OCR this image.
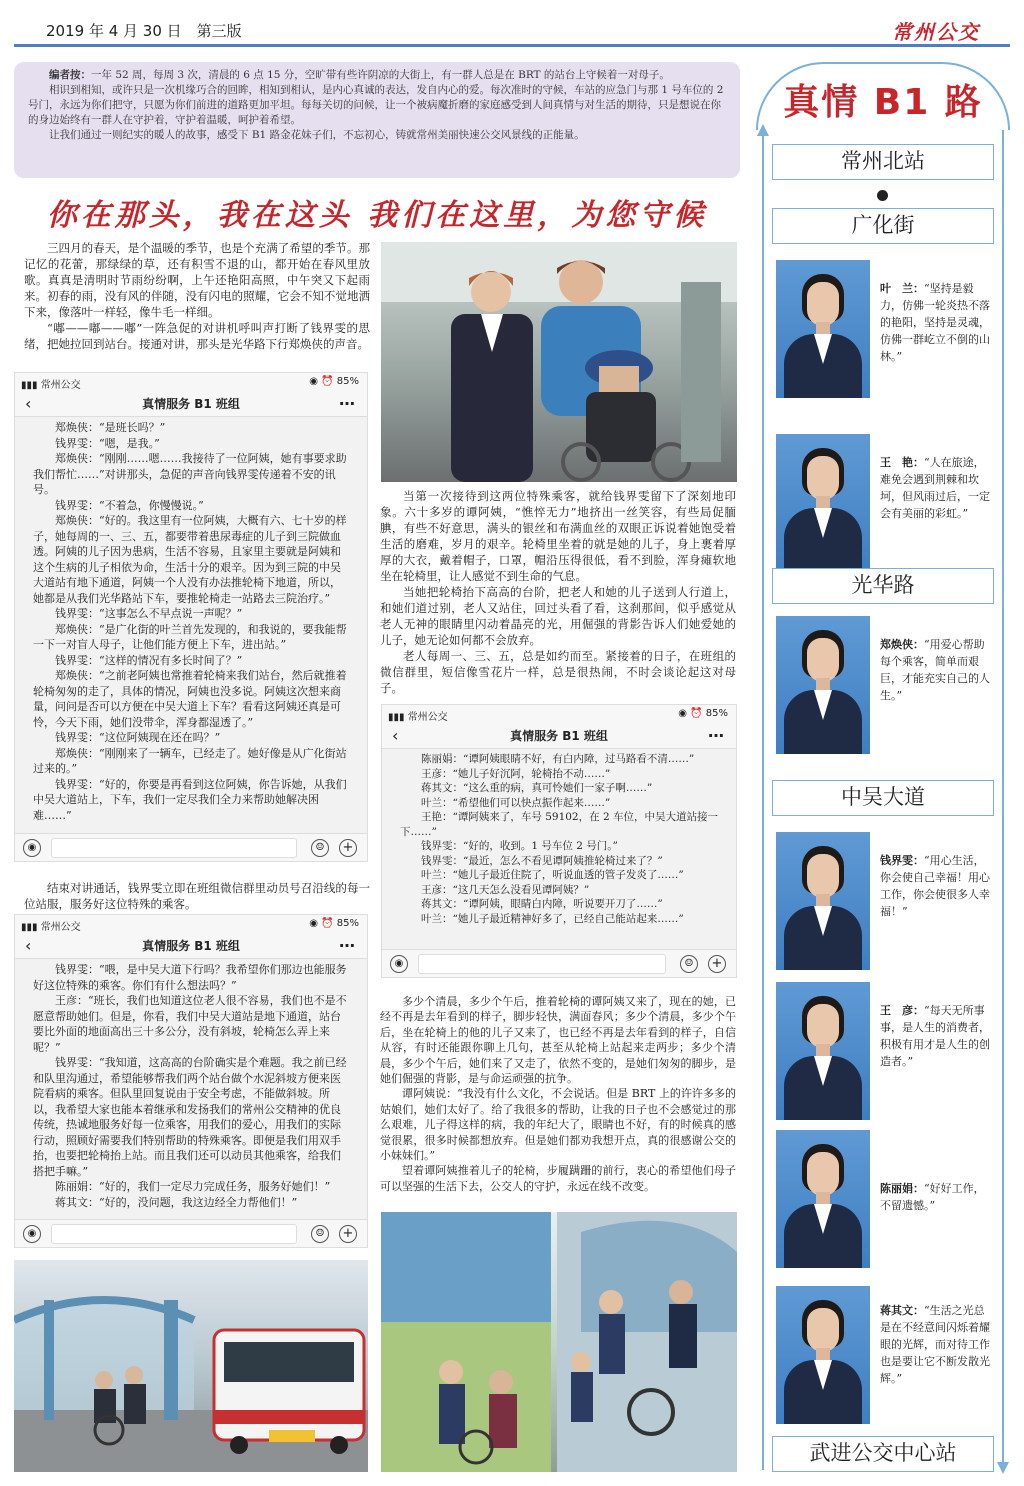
2019 年 4 月 30 日　第三版	常州公交

编者按：一年 52 周，每周 3 次，清晨的 6 点 15 分，空旷带有些许阴凉的大街上，有一群人总是在 BRT 的站台上守候着一对母子。

相识到相知，或许只是一次机缘巧合的回眸，相知到相认，是内心真诚的表达，发自内心的爱。每次准时的守候，车站的应急门与那 1 号车位的 2 号门，永远为你们把守，只愿为你们前进的道路更加平坦。每每关切的问候，让一个被病魔折磨的家庭感受到人间真情与对生活的期待，只是想说在你的身边始终有一群人在守护着，守护着温暖，呵护着希望。

让我们通过一则纪实的暖人的故事，感受下 B1 路金花妹子们，不忘初心，铸就常州美丽快速公交风景线的正能量。

你在那头，我在这头 我们在这里，为您守候

三四月的春天，是个温暖的季节，也是个充满了希望的季节。那记忆的花蕾，那绿绿的草，还有积雪不退的山，都开始在春风里放歌。真真是清明时节雨纷纷啊，上午还艳阳高照，中午突又下起雨来。初春的雨，没有风的伴随，没有闪电的照耀，它会不知不觉地洒下来，像落叶一样轻，像牛毛一样细。

“嘟——嘟——嘟”一阵急促的对讲机呼叫声打断了钱界雯的思绪，把她拉回到站台。接通对讲，那头是光华路下行郑焕侠的声音。

▮▮▮ 常州公交	◉ ⏰ 85%
‹	真情服务 B1 班组	…

郑焕侠：“是班长吗？”

钱界雯：“嗯，是我。”

郑焕侠：“刚刚……嗯……我接待了一位阿姨，她有事要求助我们帮忙……”对讲那头，急促的声音向钱界雯传递着不安的讯号。

钱界雯：“不着急，你慢慢说。”

郑焕侠：“好的。我这里有一位阿姨，大概有六、七十岁的样子，她每周的一、三、五，都要带着患尿毒症的儿子到三院做血透。阿姨的儿子因为患病，生活不容易，且家里主要就是阿姨和这个生病的儿子相依为命，生活十分的艰辛。因为到三院的中吴大道站有地下通道，阿姨一个人没有办法推轮椅下地道，所以，她都是从我们光华路站下车，要推轮椅走一站路去三院治疗。”

钱界雯：“这事怎么不早点说一声呢？”

郑焕侠：“是广化街的叶兰首先发现的，和我说的，要我能帮一下一对盲人母子，让他们能方便上下车，进出站。”

钱界雯：“这样的情况有多长时间了？”

郑焕侠：“之前老阿姨也常推着轮椅来我们站台，然后就推着轮椅匆匆的走了，具体的情况，阿姨也没多说。阿姨这次想来商量，问问是否可以方便在中吴大道上下车？看看这阿姨还真是可怜，今天下雨，她们没带伞，浑身都湿透了。”

钱界雯：“这位阿姨现在还在吗？”

郑焕侠：“刚刚来了一辆车，已经走了。她好像是从广化街站过来的。”

钱界雯：“好的，你要是再看到这位阿姨，你告诉她，从我们中吴大道站上，下车，我们一定尽我们全力来帮助她解决困难……”

◉	☺	+

结束对讲通话，钱界雯立即在班组微信群里动员号召沿线的每一位站服，服务好这位特殊的乘客。

▮▮▮ 常州公交	◉ ⏰ 85%
‹	真情服务 B1 班组	…

钱界雯：“喂，是中吴大道下行吗？我希望你们那边也能服务好这位特殊的乘客。你们有什么想法吗？”

王彦：“班长，我们也知道这位老人很不容易，我们也不是不愿意帮助她们。但是，你看，我们中吴大道站是地下通道，站台要比外面的地面高出三十多公分，没有斜坡，轮椅怎么弄上来呢？”

钱界雯：“我知道，这高高的台阶确实是个难题。我之前已经和队里沟通过，希望能够帮我们两个站台做个水泥斜坡方便来医院看病的乘客。但队里回复说由于安全考虑，不能做斜坡。所以，我希望大家也能本着继承和发扬我们的常州公交精神的优良传统，热诚地服务好每一位乘客，用我们的爱心，用我们的实际行动，照顾好需要我们特别帮助的特殊乘客。即便是我们用双手抬，也要把轮椅抬上站。而且我们还可以动员其他乘客，给我们搭把手嘛。”

陈丽娟：“好的，我们一定尽力完成任务，服务好她们！”

蒋其文：“好的，没问题，我这边经全力帮他们！”

◉	☺	+

当第一次接待到这两位特殊乘客，就给钱界雯留下了深刻地印象。六十多岁的谭阿姨，“憔悴无力”地挤出一丝笑容，有些局促腼腆，有些不好意思，满头的银丝和布满血丝的双眼正诉说着她饱受着生活的磨难，岁月的艰辛。轮椅里坐着的就是她的儿子，身上裹着厚厚的大衣，戴着帽子，口罩，帽沿压得很低，看不到脸，浑身瘫软地坐在轮椅里，让人感觉不到生命的气息。

当她把轮椅抬下高高的台阶，把老人和她的儿子送到人行道上，和她们道过别，老人又站住，回过头看了看，这刹那间，似乎感觉从老人无神的眼睛里闪动着晶亮的光，用倔强的背影告诉人们她爱她的儿子，她无论如何都不会放弃。

老人每周一、三、五，总是如约而至。紧接着的日子，在班组的微信群里，短信像雪花片一样，总是很热闹，不时会谈论起这对母子。

▮▮▮ 常州公交	◉ ⏰ 85%
‹	真情服务 B1 班组	…

陈丽娟：“谭阿姨眼睛不好，有白内障，过马路看不清……”

王彦：“她儿子好沉阿，轮椅抬不动……”

蒋其文：“这么重的病，真可怜她们一家子啊……”

叶兰：“希望他们可以快点振作起来……”

王艳：“谭阿姨来了，车号 59102，在 2 车位，中吴大道站接一下……”

钱界雯：“好的，收到。1 号车位 2 号门。”

钱界雯：“最近，怎么不看见谭阿姨推轮椅过来了？”

叶兰：“她儿子最近住院了，听说血透的管子发炎了……”

王彦：“这几天怎么没看见谭阿姨？”

蒋其文：“谭阿姨，眼睛白内障，听说要开刀了……”

叶兰：“她儿子最近精神好多了，已经自己能站起来……”

◉	☺	+

多少个清晨，多少个午后，推着轮椅的谭阿姨又来了，现在的她，已经不再是去年看到的样子，脚步轻快，满面春风；多少个清晨，多少个午后，坐在轮椅上的他的儿子又来了，也已经不再是去年看到的样子，自信从容，有时还能跟你聊上几句，甚至从轮椅上站起来走两步；多少个清晨，多少个午后，她们来了又走了，依然不变的，是她们匆匆的脚步，是她们倔强的背影，是与命运顽强的抗争。

谭阿姨说：“我没有什么文化，不会说话。但是 BRT 上的许许多多的姑娘们，她们太好了。给了我很多的帮助，让我的日子也不会感觉过的那么艰难，儿子得这样的病，我的年纪大了，眼睛也不好，有的时候真的感觉很累，很多时候都想放弃。但是她们都劝我想开点，真的很感谢公交的小妹妹们。”

望着谭阿姨推着儿子的轮椅，步履蹒跚的前行，衷心的希望他们母子可以坚强的生活下去，公交人的守护，永远在线不改变。

真情 B1 路
常州北站
广化街
叶　兰：“坚持是毅力，仿佛一轮炎热不落的艳阳，坚持是灵魂，仿佛一群屹立不倒的山林。”
王　艳：“人在旅途，难免会遇到荆棘和坎坷，但风雨过后，一定会有美丽的彩虹。”
光华路
郑焕侠：“用爱心帮助每个乘客，简单而艰巨，才能充实自己的人生。”
中吴大道
钱界雯：“用心生活，你会使自己幸福！用心工作，你会使很多人幸福！”
王　彦：“每天无所事事，是人生的消费者，积极有用才是人生的创造者。”
陈丽娟：“好好工作，不留遗憾。”
蒋其文：“生活之光总是在不经意间闪烁着耀眼的光辉，而对待工作也是要让它不断发散光辉。”
武进公交中心站
